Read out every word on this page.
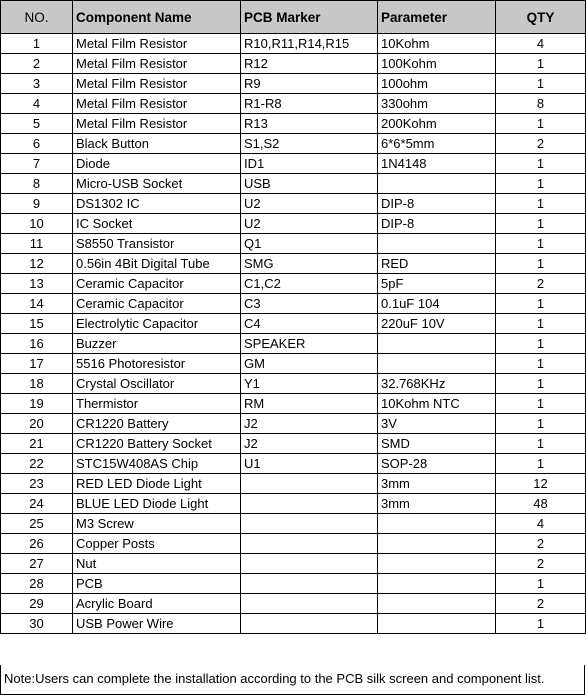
NO.	Component Name	PCB Marker	Parameter	QTY
1	Metal Film Resistor	R10,R11,R14,R15	10Kohm	4
2	Metal Film Resistor	R12	100Kohm	1
3	Metal Film Resistor	R9	100ohm	1
4	Metal Film Resistor	R1-R8	330ohm	8
5	Metal Film Resistor	R13	200Kohm	1
6	Black Button	S1,S2	6*6*5mm	2
7	Diode	ID1	1N4148	1
8	Micro-USB Socket	USB		1
9	DS1302 IC	U2	DIP-8	1
10	IC Socket	U2	DIP-8	1
11	S8550 Transistor	Q1		1
12	0.56in 4Bit Digital Tube	SMG	RED	1
13	Ceramic Capacitor	C1,C2	5pF	2
14	Ceramic Capacitor	C3	0.1uF 104	1
15	Electrolytic Capacitor	C4	220uF 10V	1
16	Buzzer	SPEAKER		1
17	5516 Photoresistor	GM		1
18	Crystal Oscillator	Y1	32.768KHz	1
19	Thermistor	RM	10Kohm NTC	1
20	CR1220 Battery	J2	3V	1
21	CR1220 Battery Socket	J2	SMD	1
22	STC15W408AS Chip	U1	SOP-28	1
23	RED LED Diode Light		3mm	12
24	BLUE LED Diode Light		3mm	48
25	M3 Screw			4
26	Copper Posts			2
27	Nut			2
28	PCB			1
29	Acrylic Board			2
30	USB Power Wire			1
Note:Users can complete the installation according to the PCB silk screen and component list.
